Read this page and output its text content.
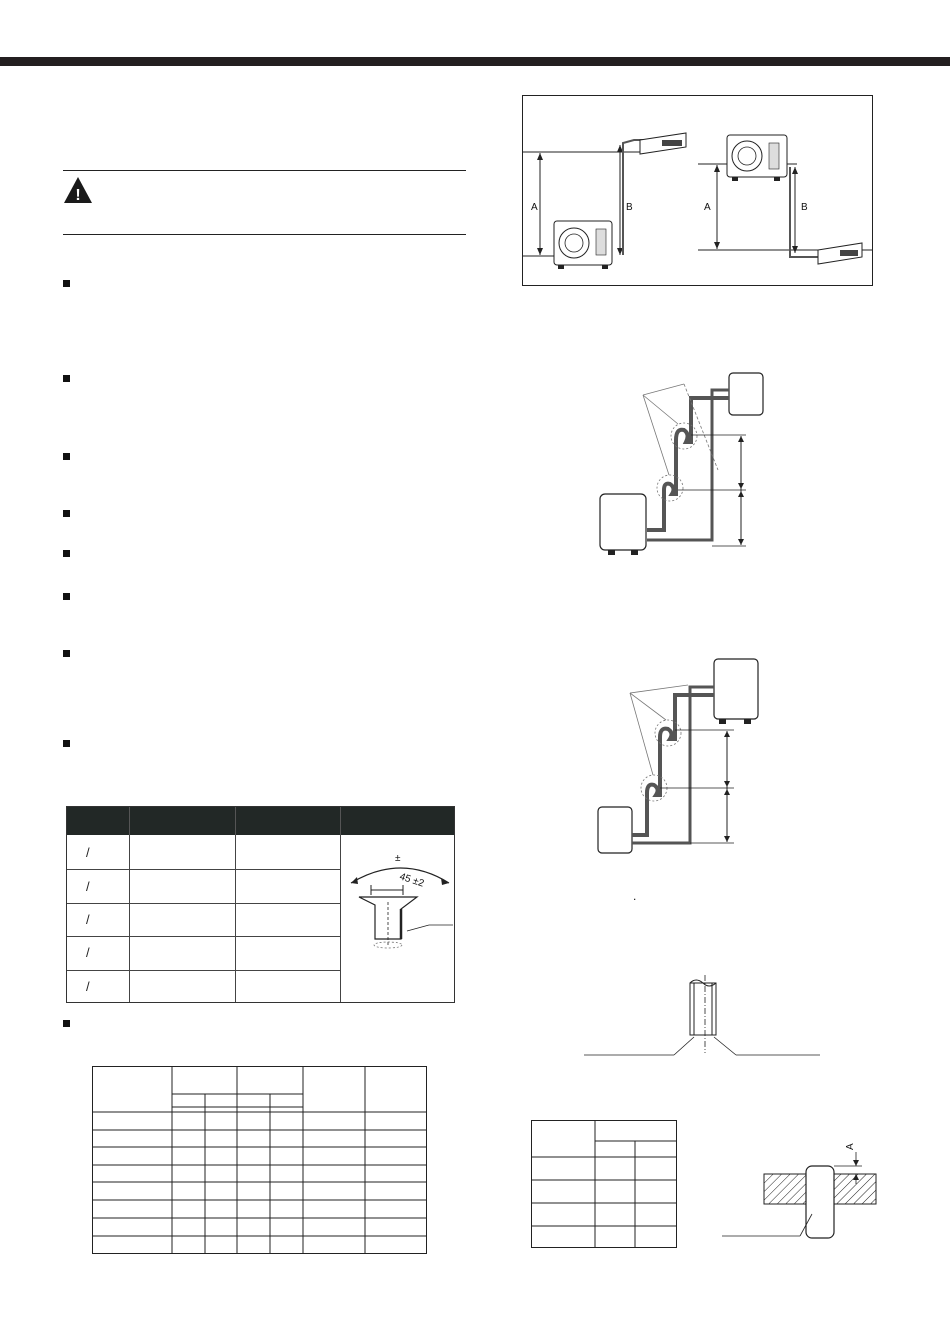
!
/
/
/
/
/
±
45 ±2
A	B	A	B
.
A
